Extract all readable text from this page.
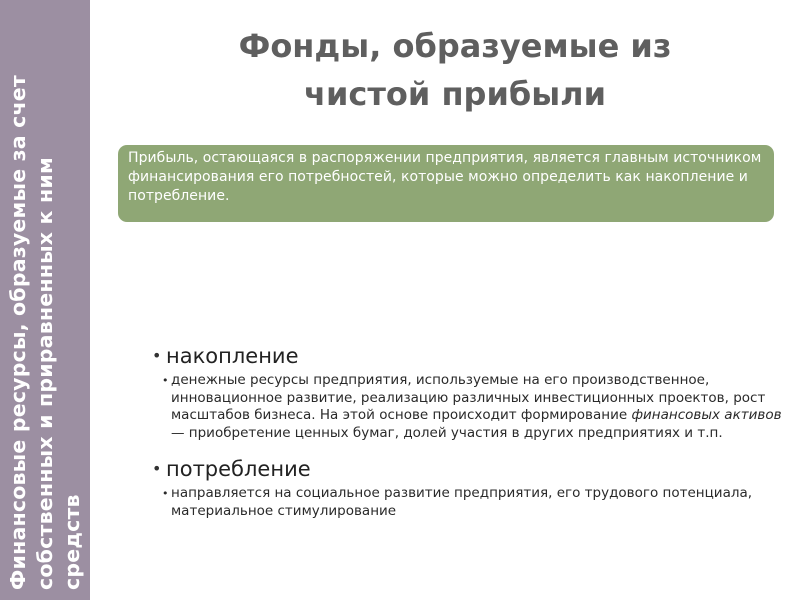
Финансовые ресурсы, образуемые за счет
собственных и приравненных к ним
средств
Фонды, образуемые из
чистой прибыли
Прибыль, остающаяся в распоряжении предприятия, является главным источником финансирования его потребностей, которые можно определить как накопление и потребление.
• накопление
• денежные ресурсы предприятия, используемые на его производственное, инновационное развитие, реализацию различных инвестиционных проектов, рост масштабов бизнеса. На этой основе происходит формирование финансовых активов — приобретение ценных бумаг, долей участия в других предприятиях и т.п.
• потребление
• направляется на социальное развитие предприятия, его трудового потенциала, материальное стимулирование
